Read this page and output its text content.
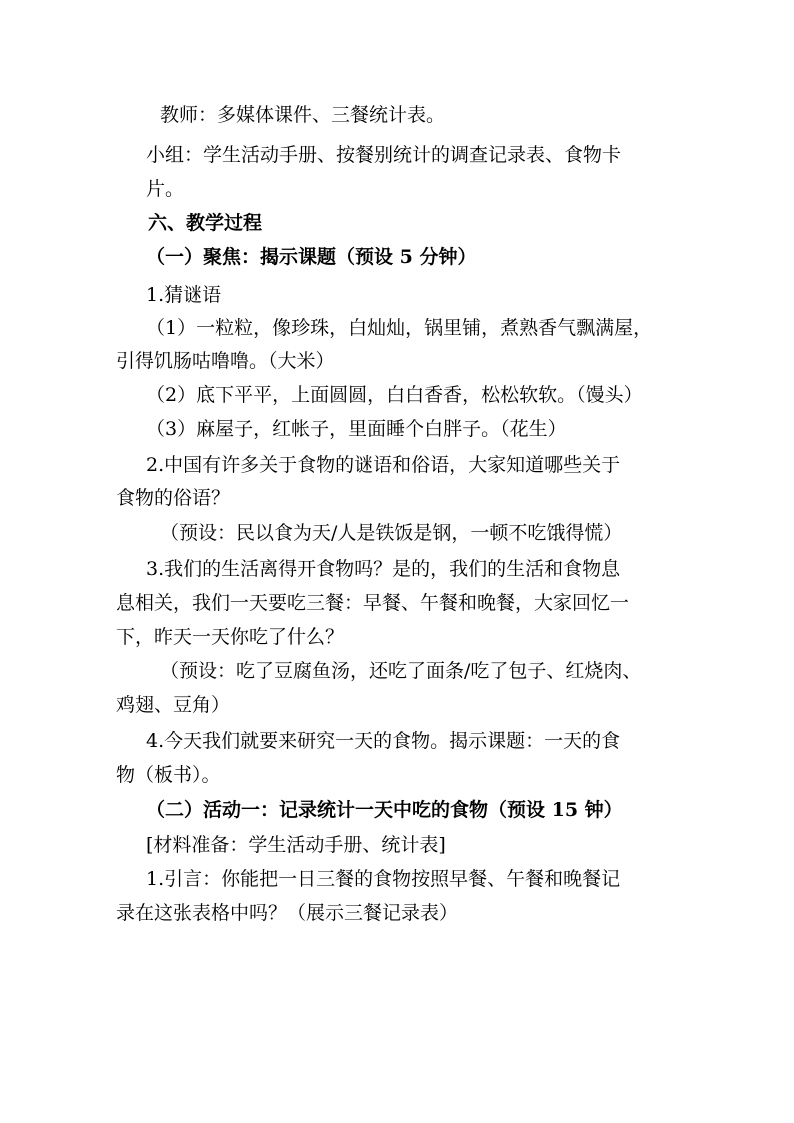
教师：多媒体课件、三餐统计表。
小组：学生活动手册、按餐别统计的调查记录表、食物卡
片。
六、教学过程
（一）聚焦：揭示课题（预设 5 分钟）
1.猜谜语
（1）一粒粒，像珍珠，白灿灿，锅里铺，煮熟香气飘满屋，
引得饥肠咕噜噜。（大米）
（2）底下平平，上面圆圆，白白香香，松松软软。（馒头）
（3）麻屋子，红帐子，里面睡个白胖子。（花生）
2.中国有许多关于食物的谜语和俗语，大家知道哪些关于
食物的俗语？
（预设：民以食为天/人是铁饭是钢，一顿不吃饿得慌）
3.我们的生活离得开食物吗？是的，我们的生活和食物息
息相关，我们一天要吃三餐：早餐、午餐和晚餐，大家回忆一
下，昨天一天你吃了什么？
（预设：吃了豆腐鱼汤，还吃了面条/吃了包子、红烧肉、
鸡翅、豆角）
4.今天我们就要来研究一天的食物。揭示课题：一天的食
物（板书）。
（二）活动一：记录统计一天中吃的食物（预设 15 钟）
[材料准备：学生活动手册、统计表]
1.引言：你能把一日三餐的食物按照早餐、午餐和晚餐记
录在这张表格中吗？（展示三餐记录表）
